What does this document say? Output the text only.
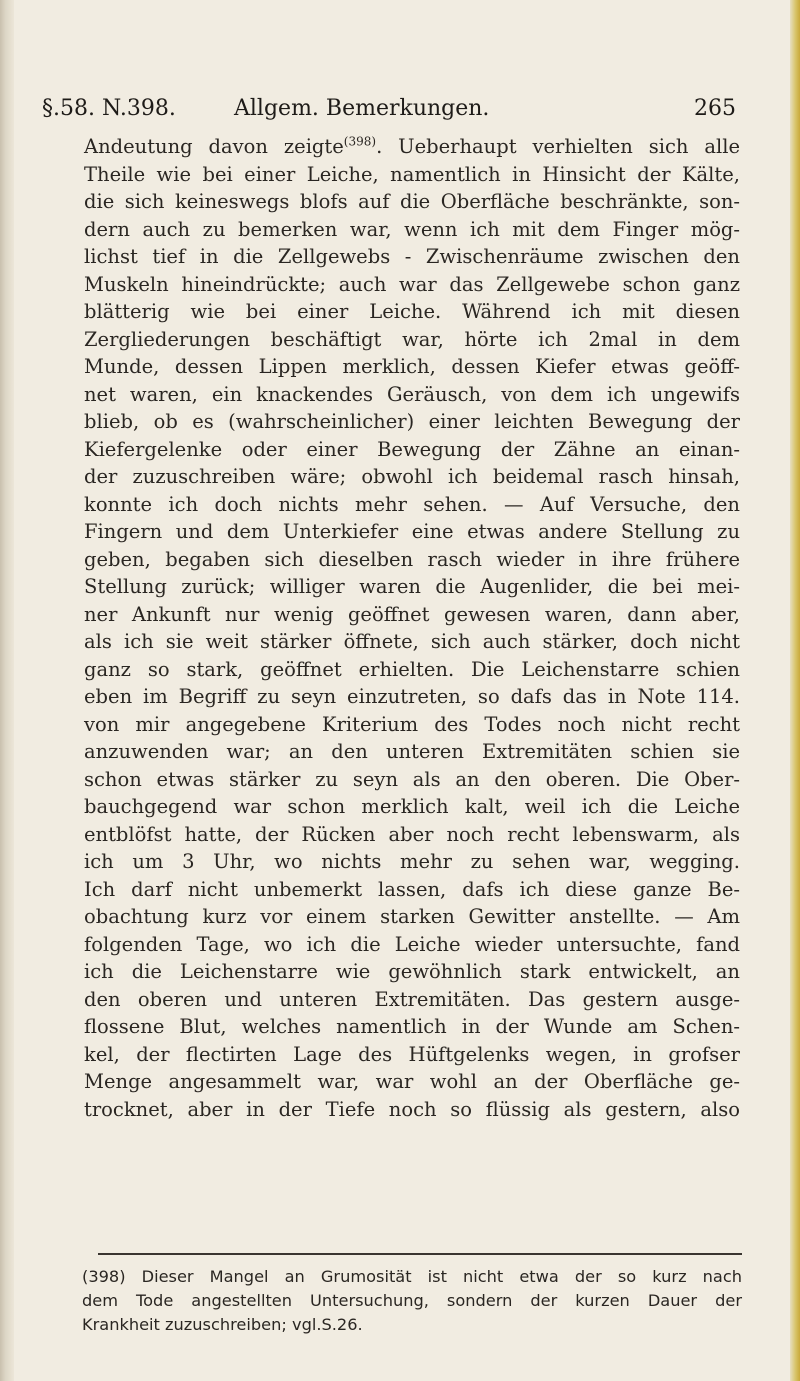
§.58. N.398.	Allgem. Bemerkungen.	265
Andeutung davon zeigte$^{(398)}$. Ueberhaupt verhielten sich alle
Theile wie bei einer Leiche, namentlich in Hinsicht der Kälte,
die sich keineswegs blofs auf die Oberfläche beschränkte, son-
dern auch zu bemerken war, wenn ich mit dem Finger mög-
lichst tief in die Zellgewebs - Zwischenräume zwischen den
Muskeln hineindrückte; auch war das Zellgewebe schon ganz
blätterig wie bei einer Leiche. Während ich mit diesen
Zergliederungen beschäftigt war, hörte ich 2mal in dem
Munde, dessen Lippen merklich, dessen Kiefer etwas geöff-
net waren, ein knackendes Geräusch, von dem ich ungewifs
blieb, ob es (wahrscheinlicher) einer leichten Bewegung der
Kiefergelenke oder einer Bewegung der Zähne an einan-
der zuzuschreiben wäre; obwohl ich beidemal rasch hinsah,
konnte ich doch nichts mehr sehen. — Auf Versuche, den
Fingern und dem Unterkiefer eine etwas andere Stellung zu
geben, begaben sich dieselben rasch wieder in ihre frühere
Stellung zurück; williger waren die Augenlider, die bei mei-
ner Ankunft nur wenig geöffnet gewesen waren, dann aber,
als ich sie weit stärker öffnete, sich auch stärker, doch nicht
ganz so stark, geöffnet erhielten. Die Leichenstarre schien
eben im Begriff zu seyn einzutreten, so dafs das in Note 114.
von mir angegebene Kriterium des Todes noch nicht recht
anzuwenden war; an den unteren Extremitäten schien sie
schon etwas stärker zu seyn als an den oberen. Die Ober-
bauchgegend war schon merklich kalt, weil ich die Leiche
entblöfst hatte, der Rücken aber noch recht lebenswarm, als
ich um 3 Uhr, wo nichts mehr zu sehen war, wegging.
Ich darf nicht unbemerkt lassen, dafs ich diese ganze Be-
obachtung kurz vor einem starken Gewitter anstellte. — Am
folgenden Tage, wo ich die Leiche wieder untersuchte, fand
ich die Leichenstarre wie gewöhnlich stark entwickelt, an
den oberen und unteren Extremitäten. Das gestern ausge-
flossene Blut, welches namentlich in der Wunde am Schen-
kel, der flectirten Lage des Hüftgelenks wegen, in grofser
Menge angesammelt war, war wohl an der Oberfläche ge-
trocknet, aber in der Tiefe noch so flüssig als gestern, also
(398) Dieser Mangel an Grumosität ist nicht etwa der so kurz nach
dem Tode angestellten Untersuchung, sondern der kurzen Dauer der
Krankheit zuzuschreiben; vgl.S.26.
